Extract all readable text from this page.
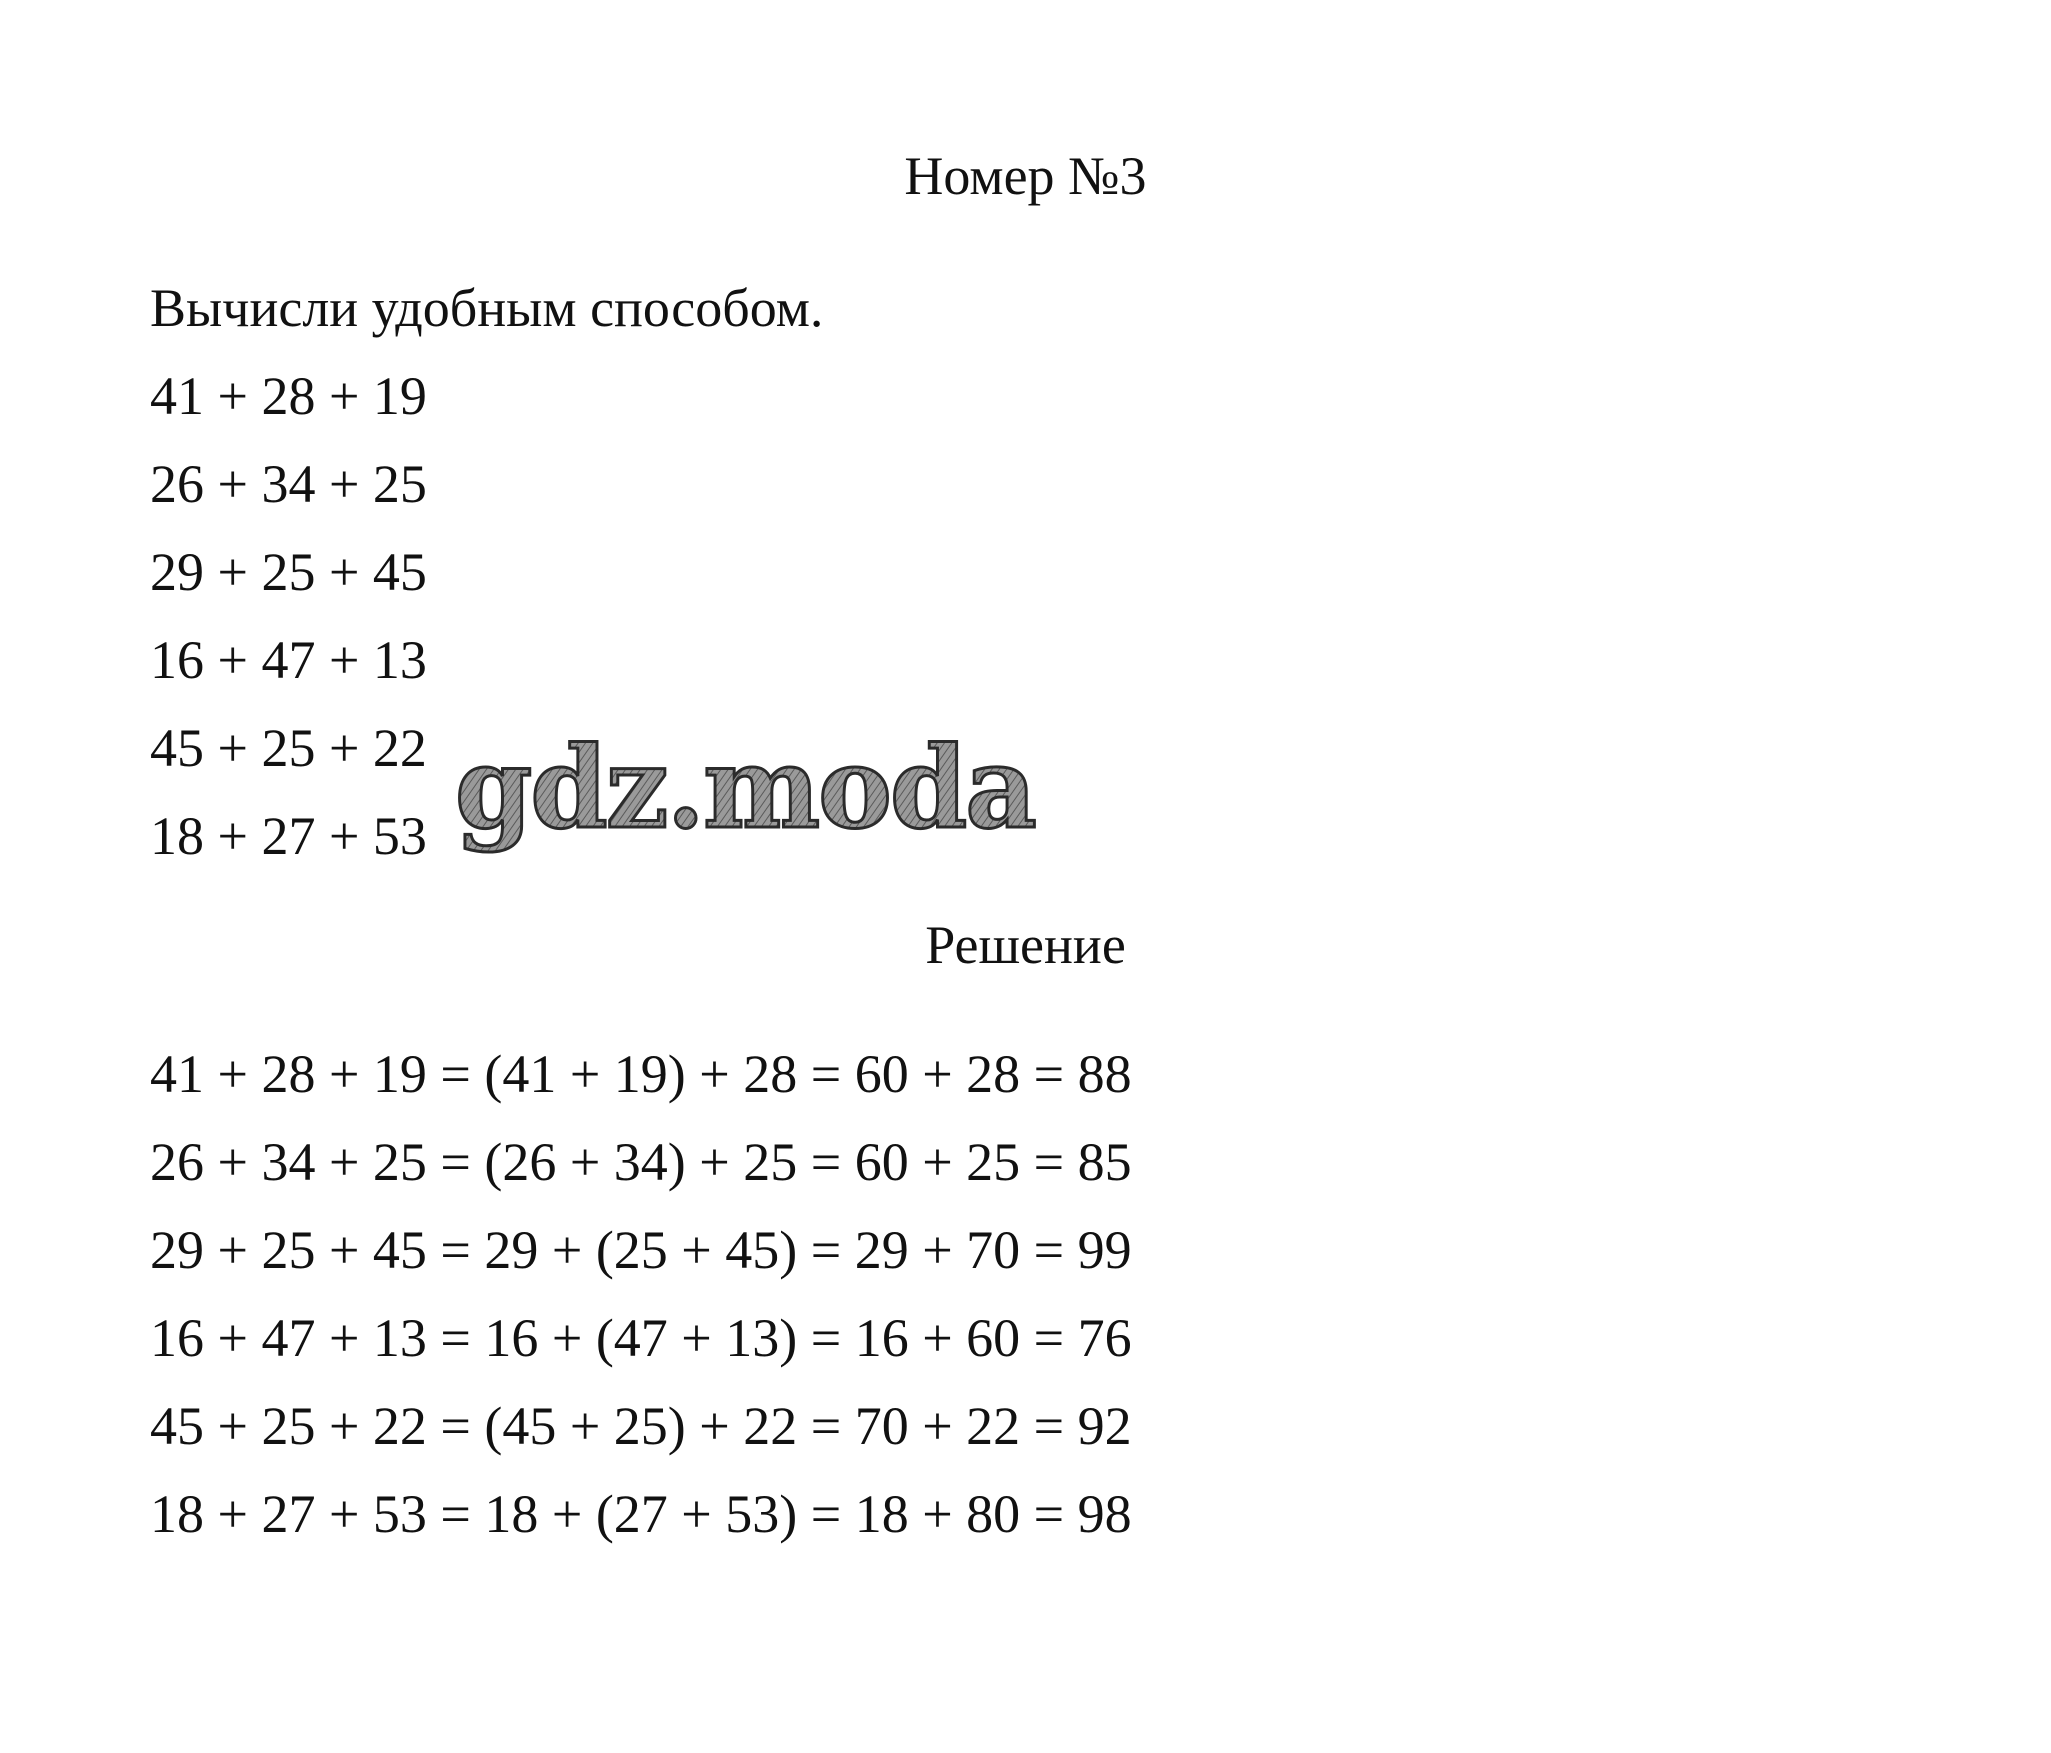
Номер №3
Вычисли удобным способом.
41 + 28 + 19
26 + 34 + 25
29 + 25 + 45
16 + 47 + 13
45 + 25 + 22
18 + 27 + 53
Решение
41 + 28 + 19 = (41 + 19) + 28 = 60 + 28 = 88
26 + 34 + 25 = (26 + 34) + 25 = 60 + 25 = 85
29 + 25 + 45 = 29 + (25 + 45) = 29 + 70 = 99
16 + 47 + 13 = 16 + (47 + 13) = 16 + 60 = 76
45 + 25 + 22 = (45 + 25) + 22 = 70 + 22 = 92
18 + 27 + 53 = 18 + (27 + 53) = 18 + 80 = 98
gdz.moda
